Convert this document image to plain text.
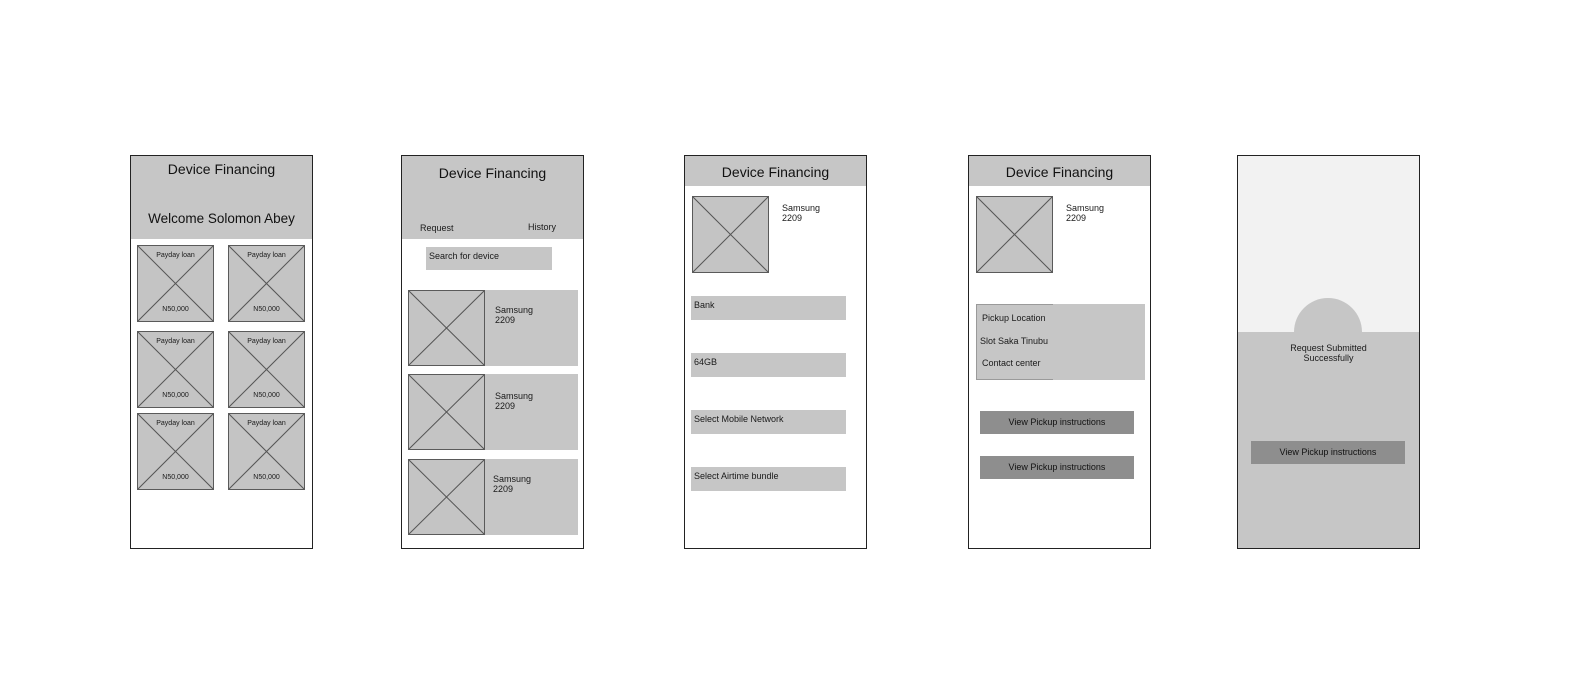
Device Financing
Welcome Solomon Abey
Payday loan
N50,000
Payday loan
N50,000
Payday loan
N50,000
Payday loan
N50,000
Payday loan
N50,000
Payday loan
N50,000
Device Financing
Request	History
Search for device
Samsung
2209
Samsung
2209
Samsung
2209
Device Financing
Samsung
2209
Bank
64GB
Select Mobile Network
Select Airtime bundle
Device Financing
Samsung
2209
Pickup Location
Slot Saka Tinubu
Contact center
View Pickup instructions
View Pickup instructions
Request Submitted
Successfully
View Pickup instructions
